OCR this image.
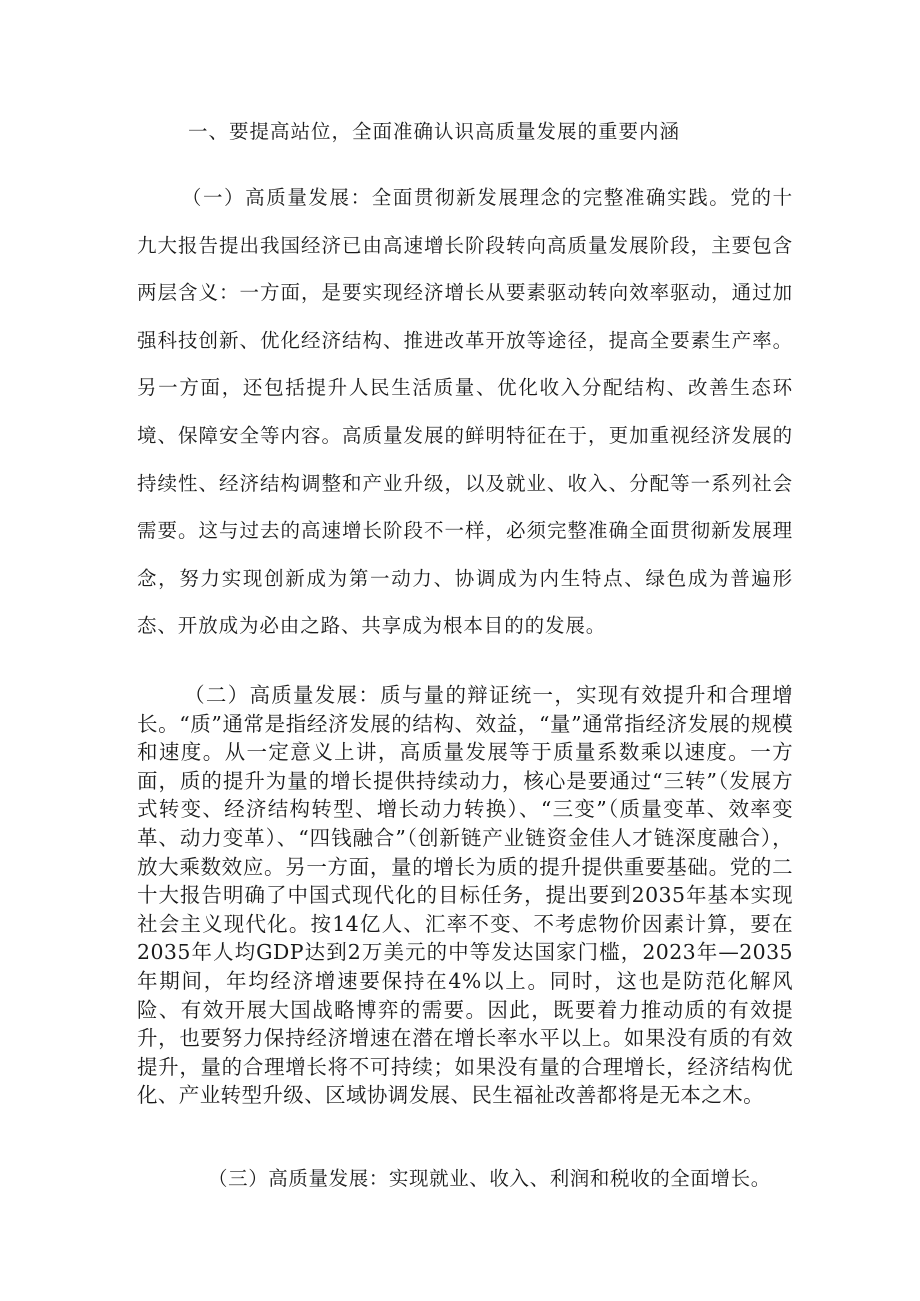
一、要提高站位，全面准确认识高质量发展的重要内涵

（一）高质量发展：全面贯彻新发展理念的完整准确实践。党的十九大报告提出我国经济已由高速增长阶段转向高质量发展阶段，主要包含两层含义：一方面，是要实现经济增长从要素驱动转向效率驱动，通过加强科技创新、优化经济结构、推进改革开放等途径，提高全要素生产率。另一方面，还包括提升人民生活质量、优化收入分配结构、改善生态环境、保障安全等内容。高质量发展的鲜明特征在于，更加重视经济发展的持续性、经济结构调整和产业升级，以及就业、收入、分配等一系列社会需要。这与过去的高速增长阶段不一样，必须完整准确全面贯彻新发展理念，努力实现创新成为第一动力、协调成为内生特点、绿色成为普遍形态、开放成为必由之路、共享成为根本目的的发展。

（二）高质量发展：质与量的辩证统一，实现有效提升和合理增长。“质”通常是指经济发展的结构、效益，“量”通常指经济发展的规模和速度。从一定意义上讲，高质量发展等于质量系数乘以速度。一方面，质的提升为量的增长提供持续动力，核心是要通过“三转”（发展方式转变、经济结构转型、增长动力转换）、“三变”（质量变革、效率变革、动力变革）、“四钱融合”（创新链产业链资金佳人才链深度融合），放大乘数效应。另一方面，量的增长为质的提升提供重要基础。党的二十大报告明确了中国式现代化的目标任务，提出要到2035年基本实现社会主义现代化。按14亿人、汇率不变、不考虑物价因素计算，要在2035年人均GDP达到2万美元的中等发达国家门槛，2023年—2035年期间，年均经济增速要保持在4%以上。同时，这也是防范化解风险、有效开展大国战略博弈的需要。因此，既要着力推动质的有效提升，也要努力保持经济增速在潜在增长率水平以上。如果没有质的有效提升，量的合理增长将不可持续；如果没有量的合理增长，经济结构优化、产业转型升级、区域协调发展、民生福祉改善都将是无本之木。

（三）高质量发展：实现就业、收入、利润和税收的全面增长。
